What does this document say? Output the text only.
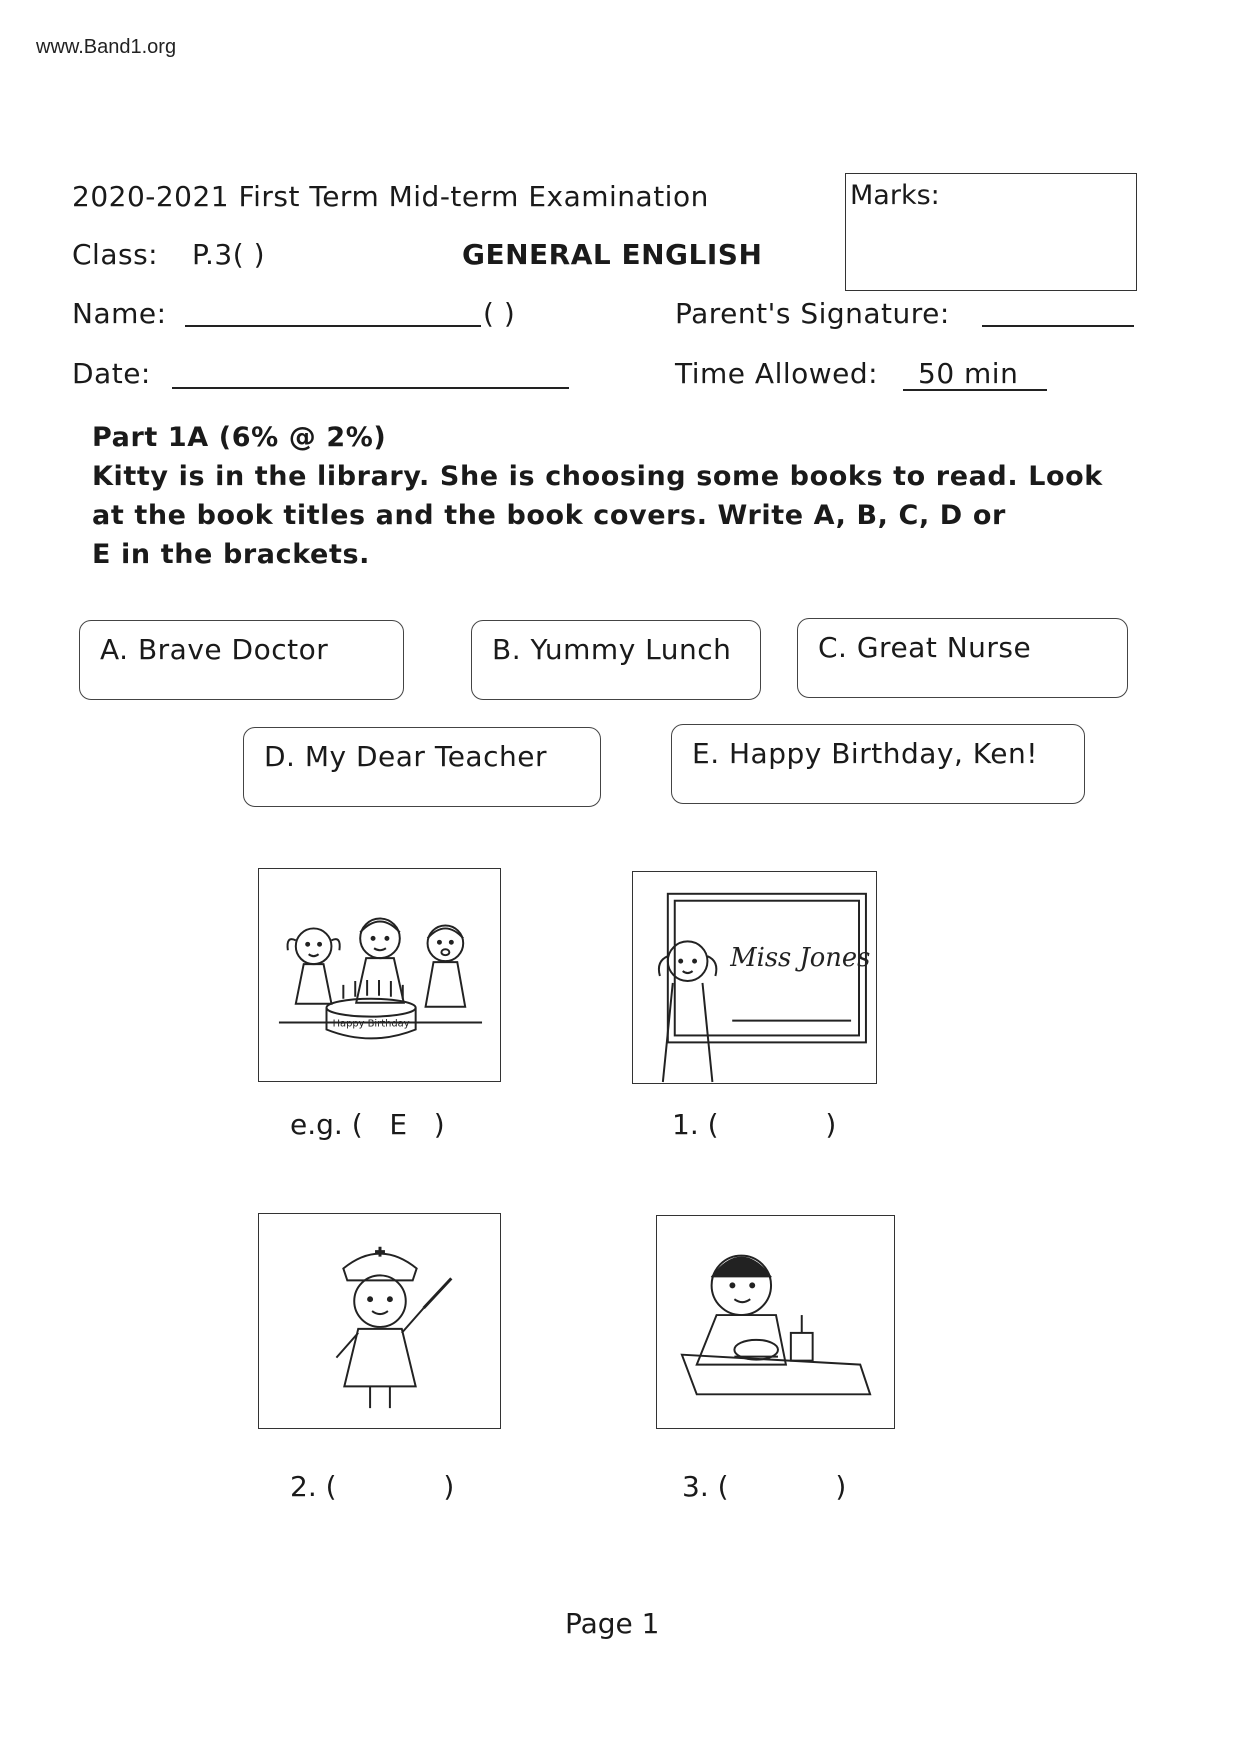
www.Band1.org
2020-2021 First Term Mid-term Examination
Class: P.3( )	GENERAL ENGLISH
Name:	( )	Parent's Signature:
Date:	Time Allowed: 50 min
Marks:
Part 1A (6% @ 2%)
Kitty is in the library. She is choosing some books to read. Look
at the book titles and the book covers. Write A, B, C, D or
E in the brackets.
A. Brave Doctor	B. Yummy Lunch	C. Great Nurse
D. My Dear Teacher	E. Happy Birthday, Ken!
Happy Birthday
e.g. (   E   )
Miss Jones
1. (            )
2. (            )	3. (            )
Page 1
